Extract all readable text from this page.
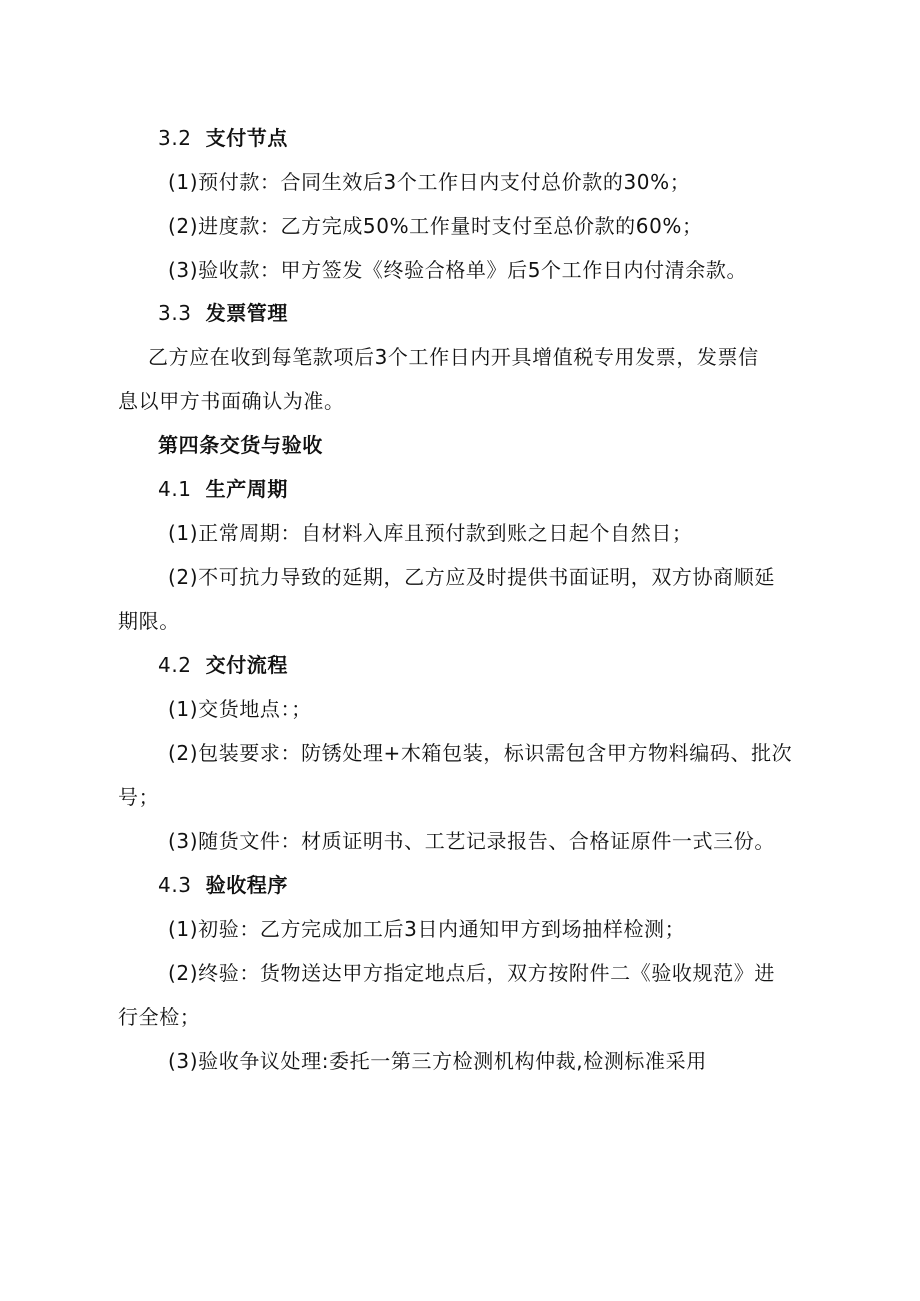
3.2 支付节点

(1)预付款：合同生效后3个工作日内支付总价款的30%；

(2)进度款：乙方完成50%工作量时支付至总价款的60%；

(3)验收款：甲方签发《终验合格单》后5个工作日内付清余款。

3.3 发票管理

乙方应在收到每笔款项后3个工作日内开具增值税专用发票，发票信

息以甲方书面确认为准。

第四条交货与验收

4.1 生产周期

(1)正常周期：自材料入库且预付款到账之日起个自然日；

(2)不可抗力导致的延期，乙方应及时提供书面证明，双方协商顺延

期限。

4.2 交付流程

(1)交货地点：；

(2)包装要求：防锈处理+木箱包装，标识需包含甲方物料编码、批次

号；

(3)随货文件：材质证明书、工艺记录报告、合格证原件一式三份。

4.3 验收程序

(1)初验：乙方完成加工后3日内通知甲方到场抽样检测；

(2)终验：货物送达甲方指定地点后，双方按附件二《验收规范》进

行全检；

(3)验收争议处理:委托一第三方检测机构仲裁,检测标准采用
